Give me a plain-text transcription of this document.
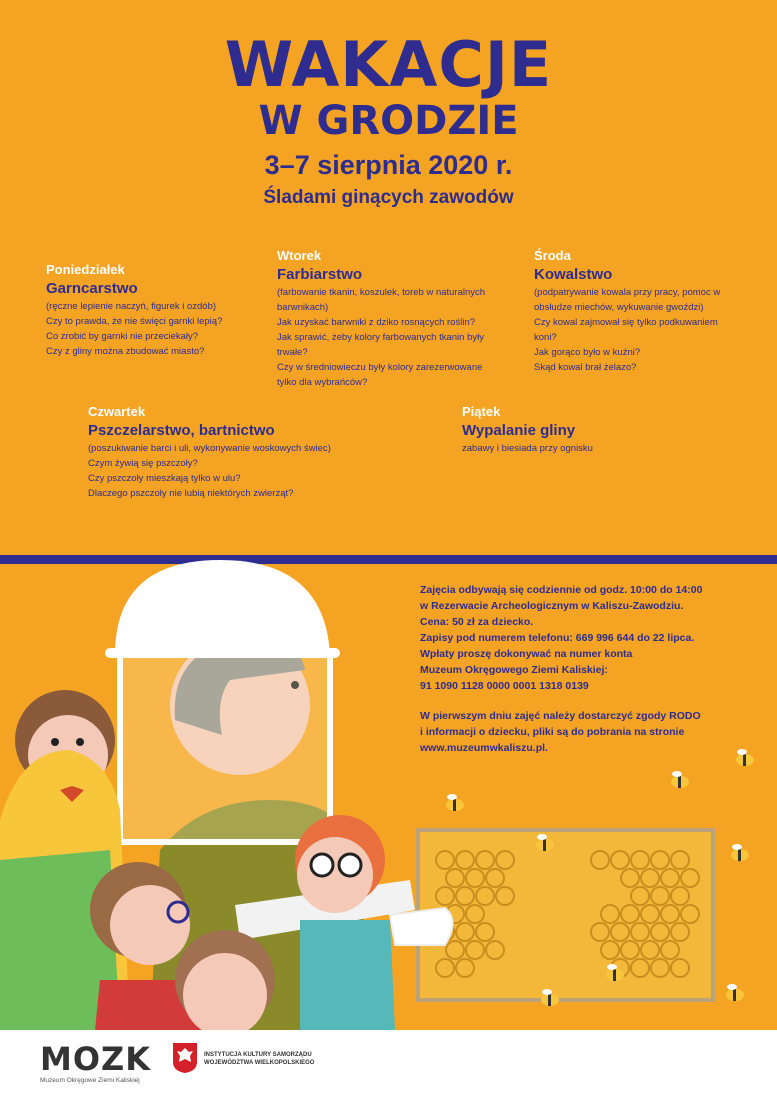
WAKACJE
W GRODZIE
3–7 sierpnia 2020 r.
Śladami ginących zawodów
Poniedziałek
Garncarstwo
(ręczne lepienie naczyń, figurek i ozdób)
Czy to prawda, że nie święci garnki lepią?
Co zrobić by garnki nie przeciekały?
Czy z gliny można zbudować miasto?
Wtorek
Farbiarstwo
(farbowanie tkanin, koszulek, toreb w naturalnych barwnikach)
Jak uzyskać barwniki z dziko rosnących roślin?
Jak sprawić, żeby kolory farbowanych tkanin były trwałe?
Czy w średniowieczu były kolory zarezerwowane tylko dla wybrańców?
Środa
Kowalstwo
(podpatrywanie kowala przy pracy, pomoc w obsłudze miechów, wykuwanie gwoździ)
Czy kowal zajmował się tylko podkuwaniem koni?
Jak gorąco było w kuźni?
Skąd kowal brał żelazo?
Czwartek
Pszczelarstwo, bartnictwo
(poszukiwanie barci i uli, wykonywanie woskowych świec)
Czym żywią się pszczoły?
Czy pszczoły mieszkają tylko w ulu?
Dlaczego pszczoły nie lubią niektórych zwierząt?
Piątek
Wypalanie gliny
zabawy i biesiada przy ognisku
Zajęcia odbywają się codziennie od godz. 10:00 do 14:00
w Rezerwacie Archeologicznym w Kaliszu-Zawodziu.
Cena: 50 zł za dziecko.
Zapisy pod numerem telefonu: 669 996 644 do 22 lipca.
Wpłaty proszę dokonywać na numer konta
Muzeum Okręgowego Ziemi Kaliskiej:
91 1090 1128 0000 0001 1318 0139
W pierwszym dniu zajęć należy dostarczyć zgody RODO
i informacji o dziecku, pliki są do pobrania na stronie
www.muzeumwkaliszu.pl.
MOZK
Muzeum Okręgowe Ziemi Kaliskiej
INSTYTUCJA KULTURY SAMORZĄDU WOJEWÓDZTWA WIELKOPOLSKIEGO
